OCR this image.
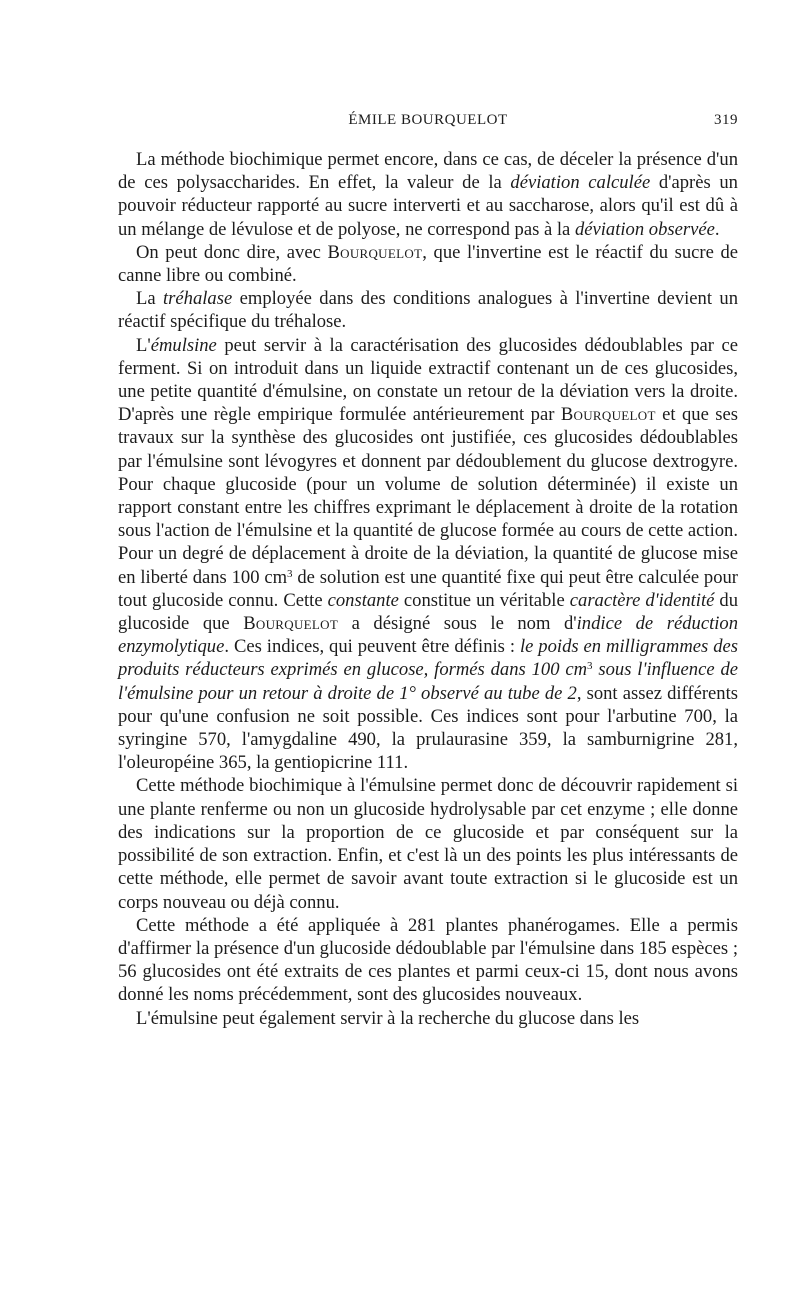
ÉMILE BOURQUELOT	319

La méthode biochimique permet encore, dans ce cas, de déceler la présence d'un de ces polysaccharides. En effet, la valeur de la déviation calculée d'après un pouvoir réducteur rapporté au sucre interverti et au saccharose, alors qu'il est dû à un mélange de lévulose et de polyose, ne correspond pas à la déviation observée.

On peut donc dire, avec Bourquelot, que l'invertine est le réactif du sucre de canne libre ou combiné.

La tréhalase employée dans des conditions analogues à l'invertine devient un réactif spécifique du tréhalose.

L'émulsine peut servir à la caractérisation des glucosides dédoublables par ce ferment. Si on introduit dans un liquide extractif contenant un de ces glucosides, une petite quantité d'émulsine, on constate un retour de la déviation vers la droite. D'après une règle empirique formulée antérieurement par Bourquelot et que ses travaux sur la synthèse des glucosides ont justifiée, ces glucosides dédoublables par l'émulsine sont lévogyres et donnent par dédoublement du glucose dextrogyre. Pour chaque glucoside (pour un volume de solution déterminée) il existe un rapport constant entre les chiffres exprimant le déplacement à droite de la rotation sous l'action de l'émulsine et la quantité de glucose formée au cours de cette action. Pour un degré de déplacement à droite de la déviation, la quantité de glucose mise en liberté dans 100 $cm^3$ de solution est une quantité fixe qui peut être calculée pour tout glucoside connu. Cette constante constitue un véritable caractère d'identité du glucoside que Bourquelot a désigné sous le nom d'indice de réduction enzymolytique. Ces indices, qui peuvent être définis : le poids en milligrammes des produits réducteurs exprimés en glucose, formés dans 100 $cm^3$ sous l'influence de l'émulsine pour un retour à droite de 1° observé au tube de 2, sont assez différents pour qu'une confusion ne soit possible. Ces indices sont pour l'arbutine 700, la syringine 570, l'amygdaline 490, la prulaurasine 359, la samburnigrine 281, l'oleuropéine 365, la gentiopicrine 111.

Cette méthode biochimique à l'émulsine permet donc de découvrir rapidement si une plante renferme ou non un glucoside hydrolysable par cet enzyme ; elle donne des indications sur la proportion de ce glucoside et par conséquent sur la possibilité de son extraction. Enfin, et c'est là un des points les plus intéressants de cette méthode, elle permet de savoir avant toute extraction si le glucoside est un corps nouveau ou déjà connu.

Cette méthode a été appliquée à 281 plantes phanérogames. Elle a permis d'affirmer la présence d'un glucoside dédoublable par l'émulsine dans 185 espèces ; 56 glucosides ont été extraits de ces plantes et parmi ceux-ci 15, dont nous avons donné les noms précédemment, sont des glucosides nouveaux.

L'émulsine peut également servir à la recherche du glucose dans les
